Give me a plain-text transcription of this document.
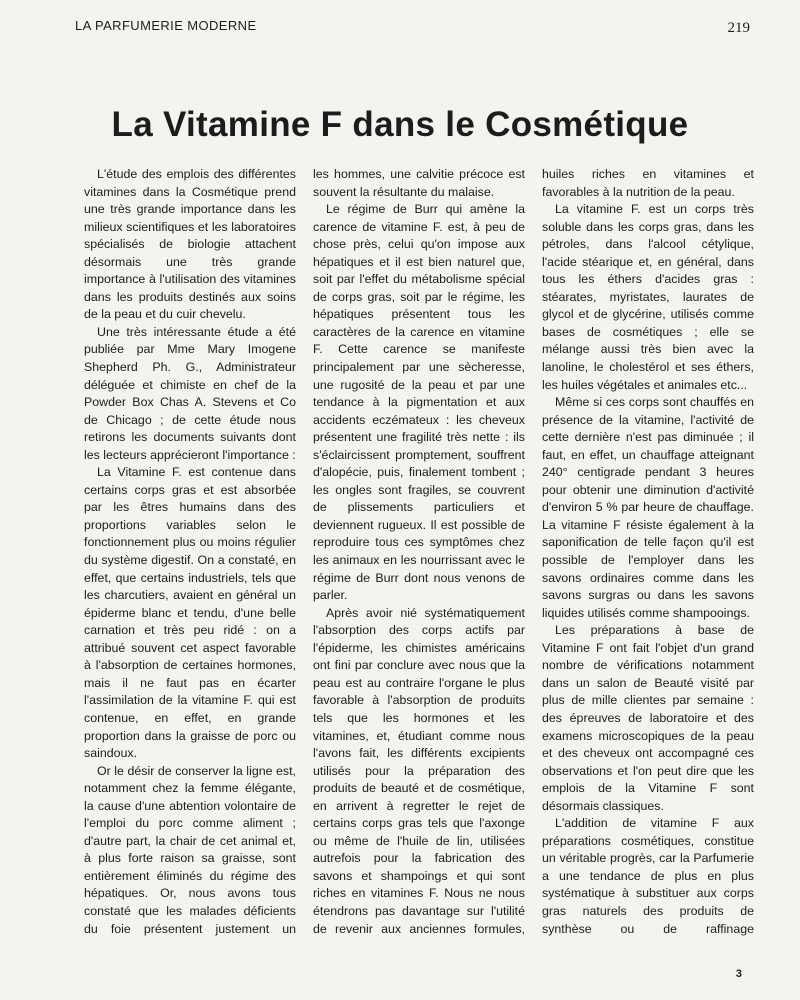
LA PARFUMERIE MODERNE	219
La Vitamine F dans le Cosmétique

L'étude des emplois des différentes vitamines dans la Cosmétique prend une très grande importance dans les milieux scientifiques et les laboratoires spécialisés de biologie attachent désormais une très grande importance à l'utilisation des vitamines dans les produits destinés aux soins de la peau et du cuir chevelu.

Une très intéressante étude a été publiée par Mme Mary Imogene Shepherd Ph. G., Administrateur déléguée et chimiste en chef de la Powder Box Chas A. Stevens et Co de Chicago ; de cette étude nous retirons les documents suivants dont les lecteurs apprécieront l'importance :

La Vitamine F. est contenue dans certains corps gras et est absorbée par les êtres humains dans des proportions variables selon le fonctionnement plus ou moins régulier du système digestif. On a constaté, en effet, que certains industriels, tels que les charcutiers, avaient en général un épiderme blanc et tendu, d'une belle carnation et très peu ridé : on a attribué souvent cet aspect favorable à l'absorption de certaines hormones, mais il ne faut pas en écarter l'assimilation de la vitamine F. qui est contenue, en effet, en grande proportion dans la graisse de porc ou saindoux.

Or le désir de conserver la ligne est, notamment chez la femme élégante, la cause d'une abtention volontaire de l'emploi du porc comme aliment ; d'autre part, la chair de cet animal et, à plus forte raison sa graisse, sont entièrement éliminés du régime des hépatiques. Or, nous avons tous constaté que les malades déficients du foie présentent justement un

les hommes, une calvitie précoce est souvent la résultante du malaise.

Le régime de Burr qui amène la carence de vitamine F. est, à peu de chose près, celui qu'on impose aux hépatiques et il est bien naturel que, soit par l'effet du métabolisme spécial de corps gras, soit par le régime, les hépatiques présentent tous les caractères de la carence en vitamine F. Cette carence se manifeste principalement par une sècheresse, une rugosité de la peau et par une tendance à la pigmentation et aux accidents eczémateux : les cheveux présentent une fragilité très nette : ils s'éclaircissent promptement, souffrent d'alopécie, puis, finalement tombent ; les ongles sont fragiles, se couvrent de plissements particuliers et deviennent rugueux. Il est possible de reproduire tous ces symptômes chez les animaux en les nourrissant avec le régime de Burr dont nous venons de parler.

Après avoir nié systématiquement l'absorption des corps actifs par l'épiderme, les chimistes américains ont fini par conclure avec nous que la peau est au contraire l'organe le plus favorable à l'absorption de produits tels que les hormones et les vitamines, et, étudiant comme nous l'avons fait, les différents excipients utilisés pour la préparation des produits de beauté et de cosmétique, en arrivent à regretter le rejet de certains corps gras tels que l'axonge ou même de l'huile de lin, utilisées autrefois pour la fabrication des savons et shampoings et qui sont riches en vitamines F. Nous ne nous étendrons pas davantage sur l'utilité de revenir aux anciennes formules,

huiles riches en vitamines et favorables à la nutrition de la peau.

La vitamine F. est un corps très soluble dans les corps gras, dans les pétroles, dans l'alcool cétylique, l'acide stéarique et, en général, dans tous les éthers d'acides gras : stéarates, myristates, laurates de glycol et de glycérine, utilisés comme bases de cosmétiques ; elle se mélange aussi très bien avec la lanoline, le cholestérol et ses éthers, les huiles végétales et animales etc...

Même si ces corps sont chauffés en présence de la vitamine, l'activité de cette dernière n'est pas diminuée ; il faut, en effet, un chauffage atteignant 240° centigrade pendant 3 heures pour obtenir une diminution d'activité d'environ 5 % par heure de chauffage. La vitamine F résiste également à la saponification de telle façon qu'il est possible de l'employer dans les savons ordinaires comme dans les savons surgras ou dans les savons liquides utilisés comme shampooings.

Les préparations à base de Vitamine F ont fait l'objet d'un grand nombre de vérifications notamment dans un salon de Beauté visité par plus de mille clientes par semaine : des épreuves de laboratoire et des examens microscopiques de la peau et des cheveux ont accompagné ces observations et l'on peut dire que les emplois de la Vitamine F sont désormais classiques.

L'addition de vitamine F aux préparations cosmétiques, constitue un véritable progrès, car la Parfumerie a une tendance de plus en plus systématique à substituer aux corps gras naturels des produits de synthèse ou de raffinage

3
